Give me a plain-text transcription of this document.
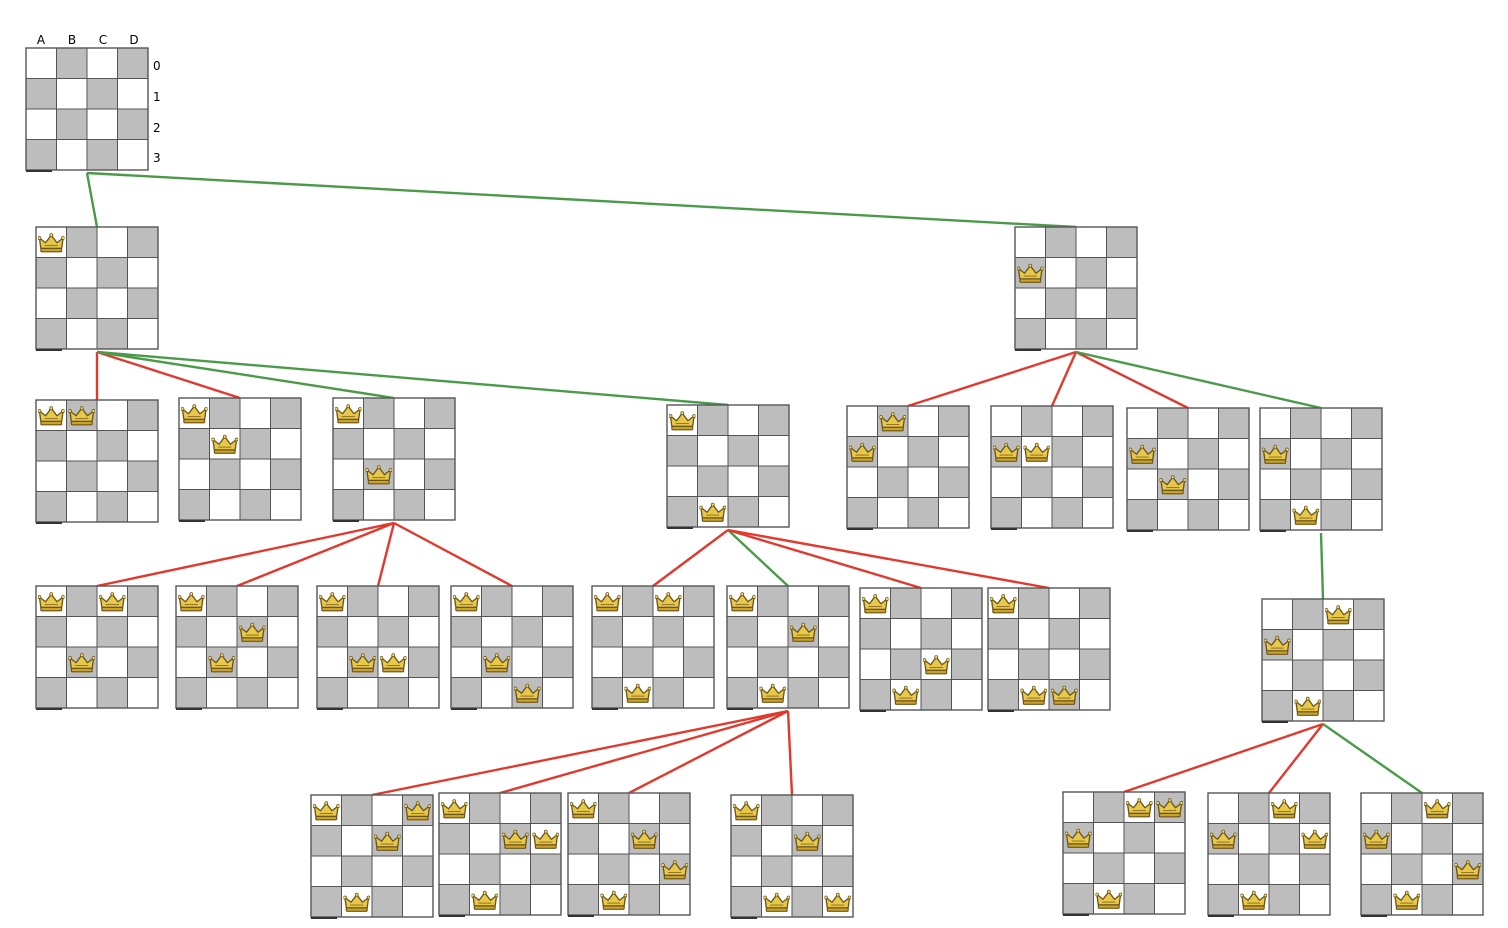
A B C D
0
1
2
3
